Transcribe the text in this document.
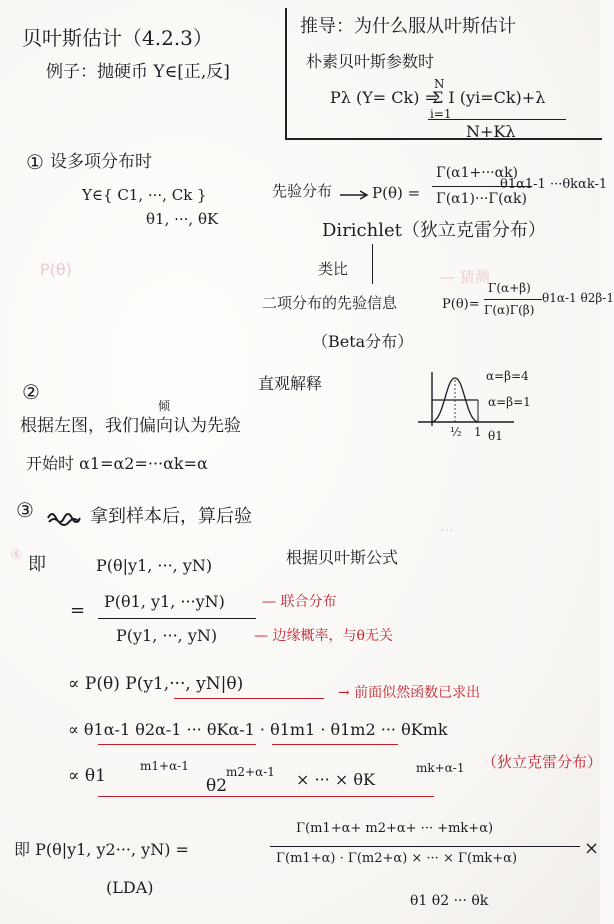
P(θ)	— 猜测
④
…
贝叶斯估计（4.2.3）
例子：抛硬币 Y∈[正,反]
推导：为什么服从叶斯估计
朴素贝叶斯参数时
Pλ (Y= Ck) =
Σ I (yi=Ck)+λ
N
i=1
N+Kλ
① 设多项分布时
Y∈{ C1, ···, Ck }
θ1, ···, θK
先验分布	P(θ) =
Γ(α1+···αk)
Γ(α1)···Γ(αk)
θ1α1-1 ···θkαk-1
Dirichlet（狄立克雷分布）
类比
二项分布的先验信息	P(θ)=
Γ(α+β)
Γ(α)Γ(β)
θ1α-1 θ2β-1
（Beta分布）
直观解释	α=β=4
α=β=1
½ 1 θ1
②
倾
根据左图，我们偏向认为先验
开始时 α1=α2=···αk=α
③	拿到样本后，算后验
即	P(θ|y1, ···, yN)	根据贝叶斯公式
= P(θ1, y1, ···yN)	— 联合分布
P(y1, ···, yN)	— 边缘概率，与θ无关
∝ P(θ) P(y1,···, yN|θ)	→ 前面似然函数已求出
∝ θ1α-1 θ2α-1 ··· θKα-1 · θ1m1 · θ1m2 ··· θKmk
∝ θ1	m1+α-1
θ2
m2+α-1 × ··· × θK
mk+α-1 （狄立克雷分布）
即 P(θ|y1, y2···, yN) =
Γ(m1+α+ m2+α+ ··· +mk+α)
Γ(m1+α) · Γ(m2+α) × ··· × Γ(mk+α)	×
θ1 θ2 ··· θk
(LDA)
